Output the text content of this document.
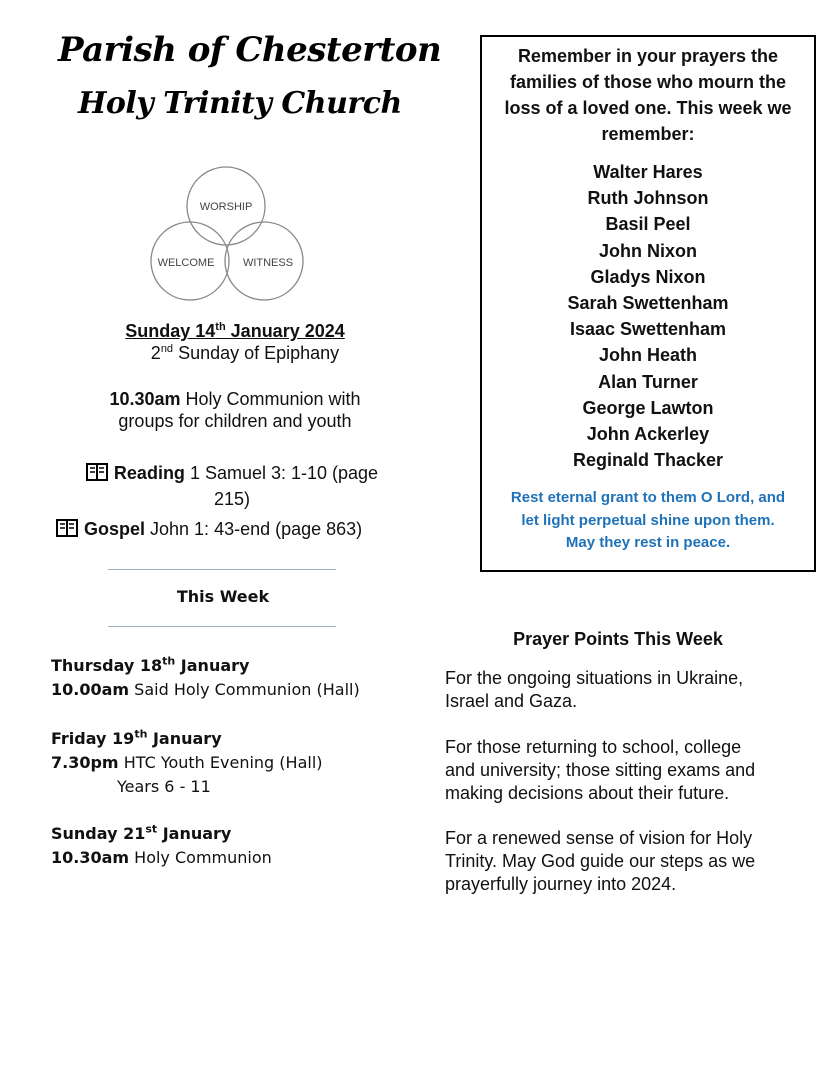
Parish of Chesterton
Holy Trinity Church
WORSHIP
WELCOME	WITNESS
Sunday 14th January 2024
2nd Sunday of Epiphany
10.30am Holy Communion with
groups for children and youth
Reading 1 Samuel 3: 1-10 (page
215)
Gospel John 1: 43-end (page 863)
This Week
Thursday 18th January
10.00am Said Holy Communion (Hall)
Friday 19th January
7.30pm HTC Youth Evening (Hall)
Years 6 - 11
Sunday 21st January
10.30am Holy Communion
Remember in your prayers the families of those who mourn the loss of a loved one. This week we remember:
Walter Hares
Ruth Johnson
Basil Peel
John Nixon
Gladys Nixon
Sarah Swettenham
Isaac Swettenham
John Heath
Alan Turner
George Lawton
John Ackerley
Reginald Thacker
Rest eternal grant to them O Lord, and
let light perpetual shine upon them.
May they rest in peace.
Prayer Points This Week
For the ongoing situations in Ukraine,
Israel and Gaza.
For those returning to school, college
and university; those sitting exams and
making decisions about their future.
For a renewed sense of vision for Holy
Trinity. May God guide our steps as we
prayerfully journey into 2024.
